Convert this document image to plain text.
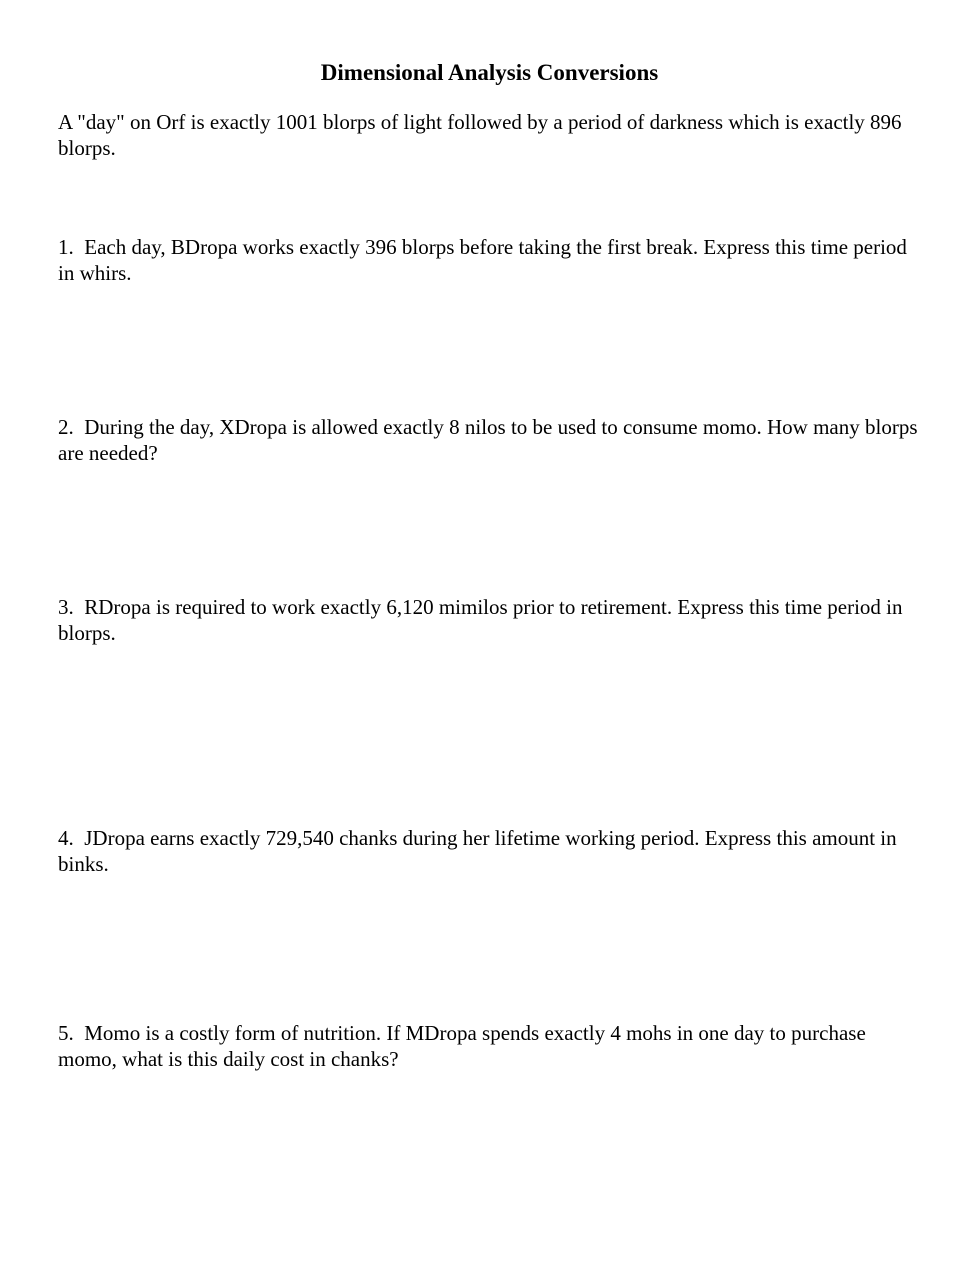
Dimensional Analysis Conversions

A "day" on Orf is exactly 1001 blorps of light followed by a period of darkness which is exactly 896 blorps.

1. Each day, BDropa works exactly 396 blorps before taking the first break. Express this time period in whirs.

2. During the day, XDropa is allowed exactly 8 nilos to be used to consume momo. How many blorps are needed?

3. RDropa is required to work exactly 6,120 mimilos prior to retirement. Express this time period in blorps.

4. JDropa earns exactly 729,540 chanks during her lifetime working period. Express this amount in binks.

5. Momo is a costly form of nutrition. If MDropa spends exactly 4 mohs in one day to purchase momo, what is this daily cost in chanks?
